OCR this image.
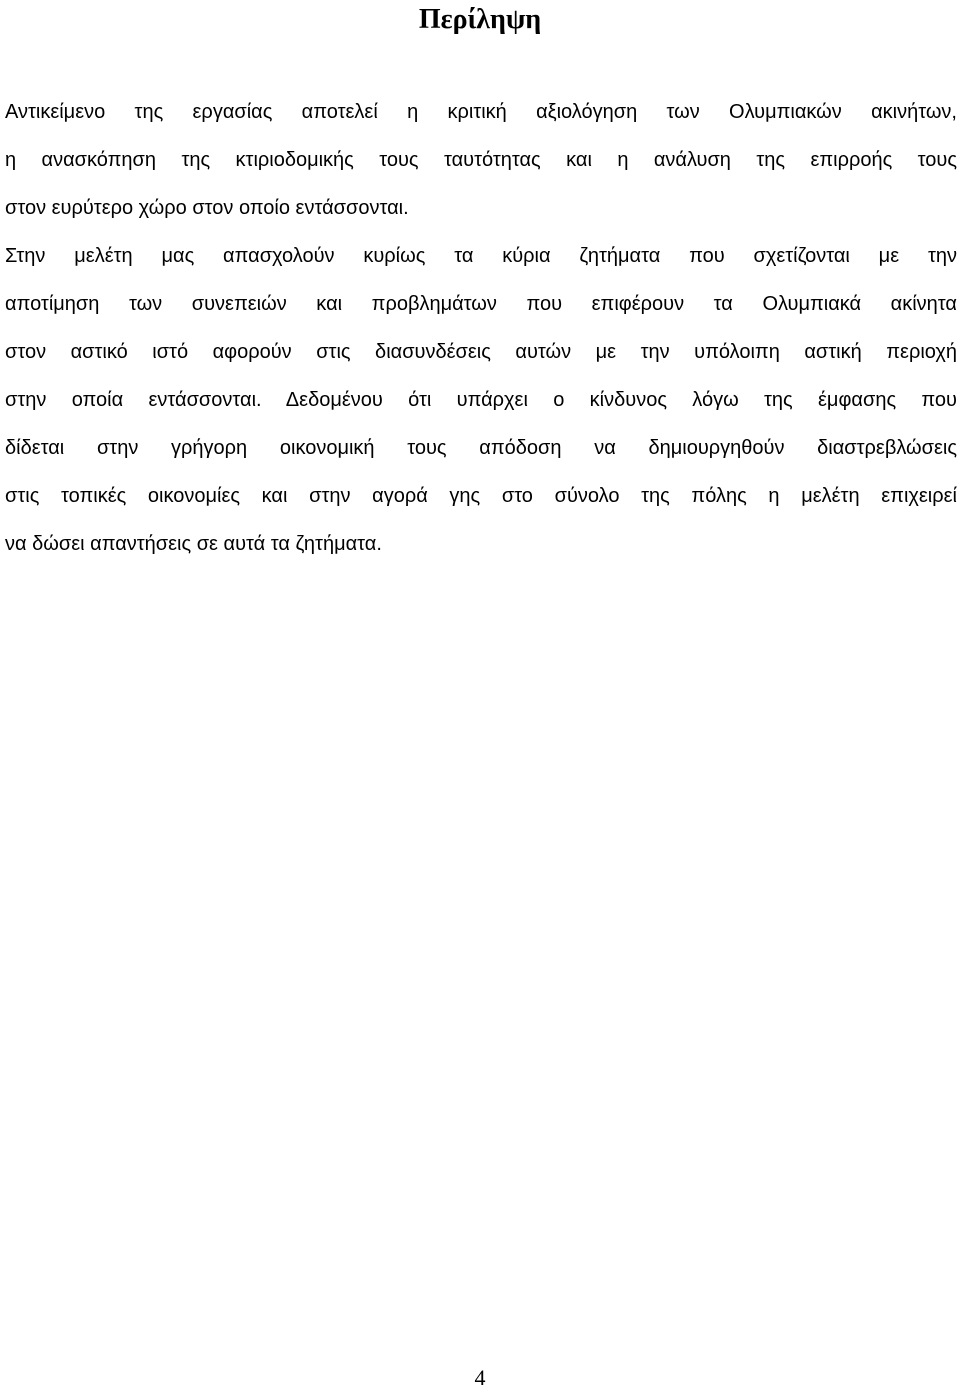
Περίληψη
Αντικείμενο της εργασίας αποτελεί η κριτική αξιολόγηση των Ολυμπιακών ακινήτων,
η ανασκόπηση της κτιριοδομικής τους ταυτότητας και η ανάλυση της επιρροής τους
στον ευρύτερο χώρο στον οποίο εντάσσονται.
Στην μελέτη μας απασχολούν κυρίως τα κύρια ζητήματα που σχετίζονται με την
αποτίμηση των συνεπειών και προβλημάτων που επιφέρουν τα Ολυμπιακά ακίνητα
στον αστικό ιστό αφορούν στις διασυνδέσεις αυτών με την υπόλοιπη αστική περιοχή
στην οποία εντάσσονται. Δεδομένου ότι υπάρχει ο κίνδυνος λόγω της έμφασης που
δίδεται στην γρήγορη οικονομική τους απόδοση να δημιουργηθούν διαστρεβλώσεις
στις τοπικές οικονομίες και στην αγορά γης στο σύνολο της πόλης η μελέτη επιχειρεί
να δώσει απαντήσεις σε αυτά τα ζητήματα.
4
